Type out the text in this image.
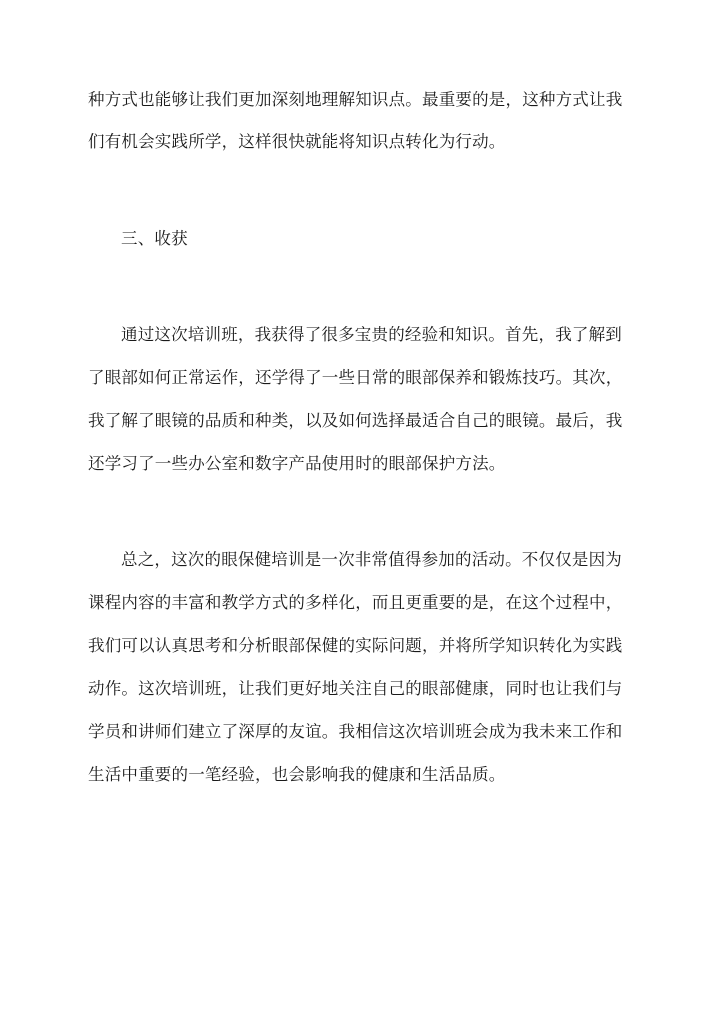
种方式也能够让我们更加深刻地理解知识点。最重要的是，这种方式让我
们有机会实践所学，这样很快就能将知识点转化为行动。
三、收获
通过这次培训班，我获得了很多宝贵的经验和知识。首先，我了解到
了眼部如何正常运作，还学得了一些日常的眼部保养和锻炼技巧。其次，
我了解了眼镜的品质和种类，以及如何选择最适合自己的眼镜。最后，我
还学习了一些办公室和数字产品使用时的眼部保护方法。
总之，这次的眼保健培训是一次非常值得参加的活动。不仅仅是因为
课程内容的丰富和教学方式的多样化，而且更重要的是，在这个过程中，
我们可以认真思考和分析眼部保健的实际问题，并将所学知识转化为实践
动作。这次培训班，让我们更好地关注自己的眼部健康，同时也让我们与
学员和讲师们建立了深厚的友谊。我相信这次培训班会成为我未来工作和
生活中重要的一笔经验，也会影响我的健康和生活品质。
